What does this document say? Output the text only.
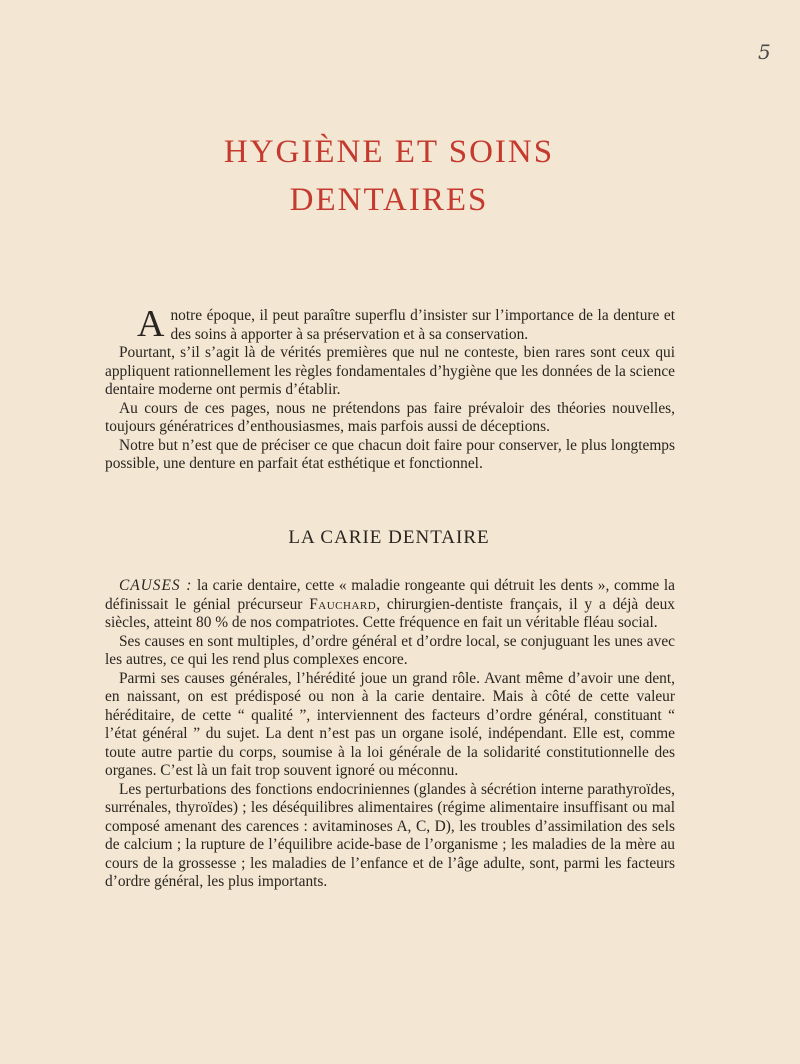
5
HYGIÈNE ET SOINS
DENTAIRES

Anotre époque, il peut paraître superflu d’insister sur l’importance de la denture et des soins à apporter à sa préservation et à sa conservation.

Pourtant, s’il s’agit là de vérités premières que nul ne conteste, bien rares sont ceux qui appliquent rationnellement les règles fondamentales d’hygiène que les données de la science dentaire moderne ont permis d’établir.

Au cours de ces pages, nous ne prétendons pas faire prévaloir des théories nouvelles, toujours génératrices d’enthousiasmes, mais parfois aussi de déceptions.

Notre but n’est que de préciser ce que chacun doit faire pour conserver, le plus longtemps possible, une denture en parfait état esthétique et fonctionnel.

LA CARIE DENTAIRE

CAUSES : la carie dentaire, cette « maladie rongeante qui détruit les dents », comme la définissait le génial précurseur Fauchard, chirurgien-dentiste français, il y a déjà deux siècles, atteint 80 % de nos compatriotes. Cette fréquence en fait un véritable fléau social.

Ses causes en sont multiples, d’ordre général et d’ordre local, se conjuguant les unes avec les autres, ce qui les rend plus complexes encore.

Parmi ses causes générales, l’hérédité joue un grand rôle. Avant même d’avoir une dent, en naissant, on est prédisposé ou non à la carie dentaire. Mais à côté de cette valeur héréditaire, de cette “ qualité ”, interviennent des facteurs d’ordre général, constituant “ l’état général ” du sujet. La dent n’est pas un organe isolé, indépendant. Elle est, comme toute autre partie du corps, soumise à la loi générale de la solidarité constitutionnelle des organes. C’est là un fait trop souvent ignoré ou méconnu.

Les perturbations des fonctions endocriniennes (glandes à sécrétion interne parathyroïdes, surrénales, thyroïdes) ; les déséquilibres alimentaires (régime alimentaire insuffisant ou mal composé amenant des carences : avitaminoses A, C, D), les troubles d’assimilation des sels de calcium ; la rupture de l’équilibre acide-base de l’organisme ; les maladies de la mère au cours de la grossesse ; les maladies de l’enfance et de l’âge adulte, sont, parmi les facteurs d’ordre général, les plus importants.
